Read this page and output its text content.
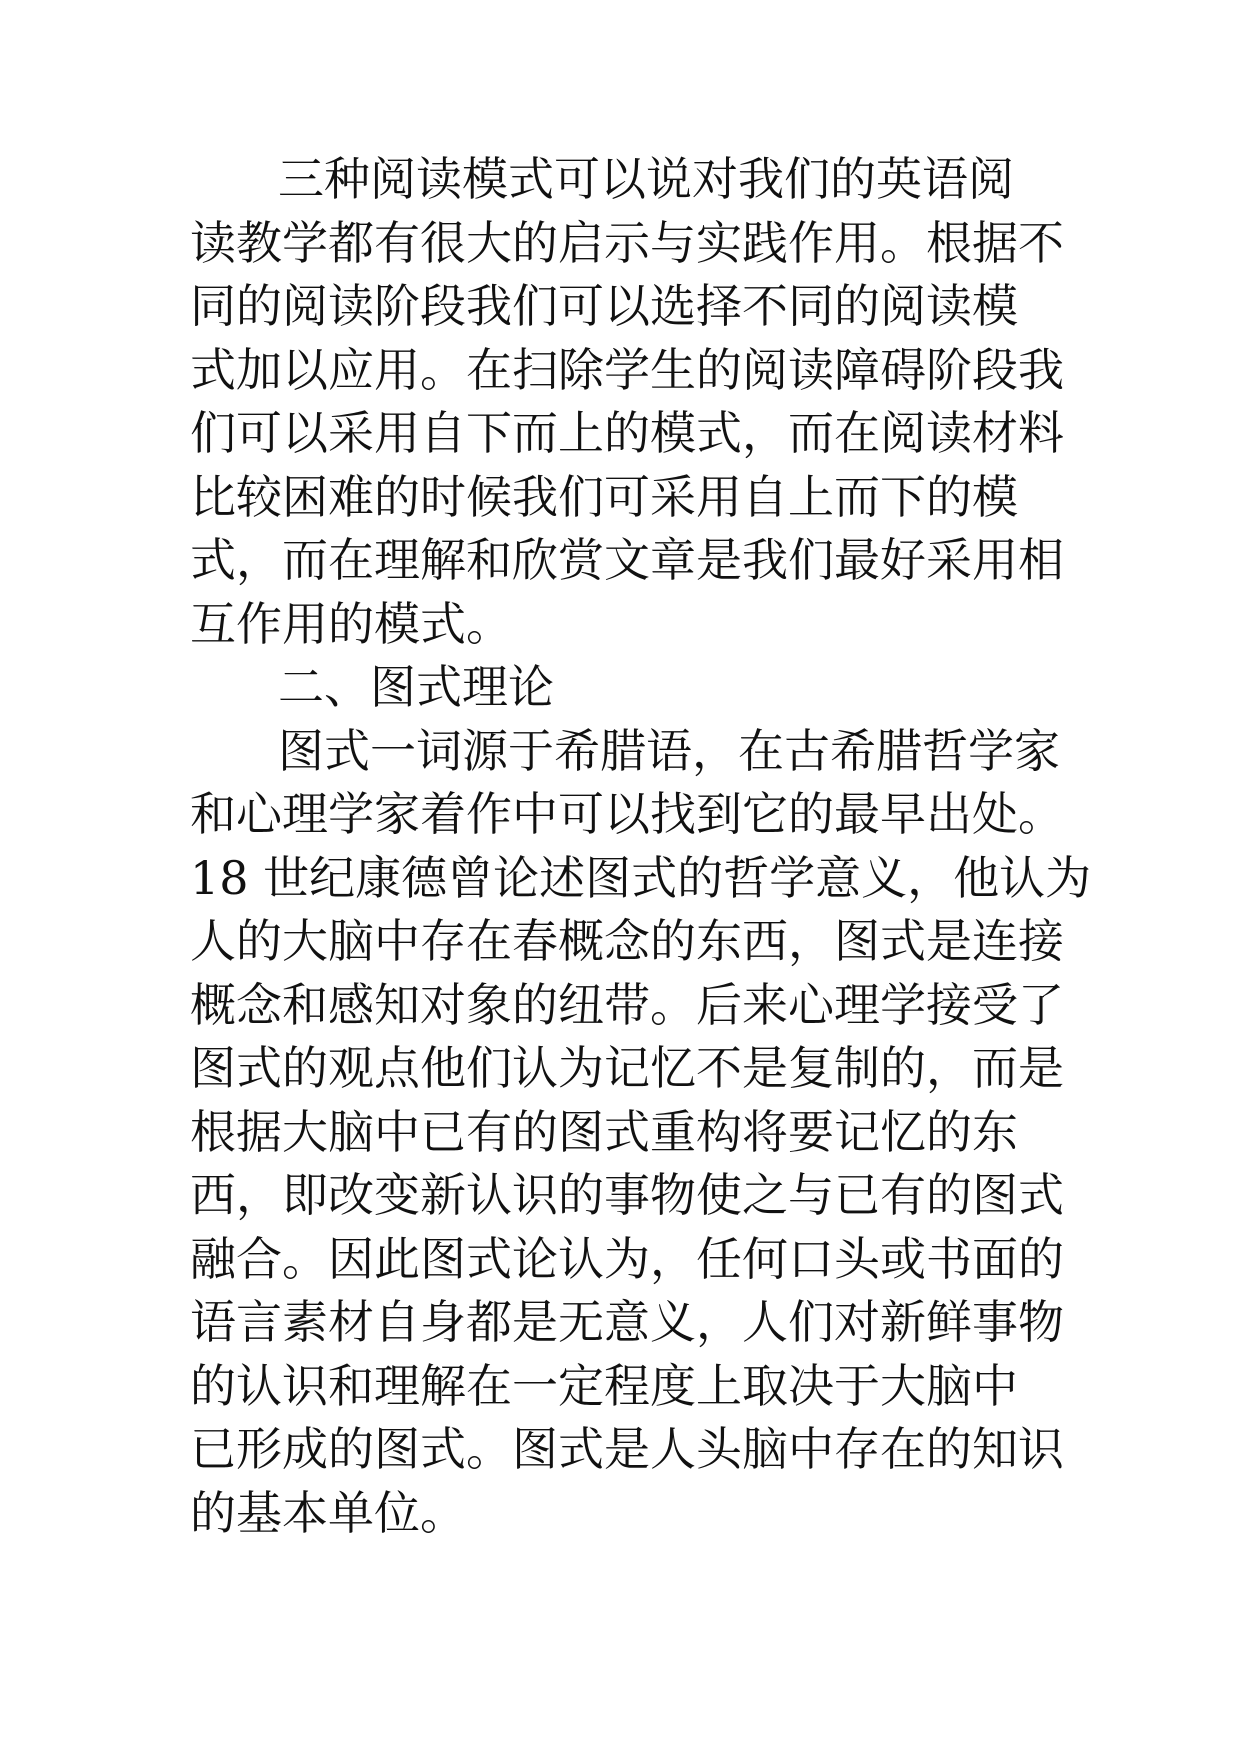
三种阅读模式可以说对我们的英语阅
读教学都有很大的启示与实践作用。根据不
同的阅读阶段我们可以选择不同的阅读模
式加以应用。在扫除学生的阅读障碍阶段我
们可以采用自下而上的模式，而在阅读材料
比较困难的时候我们可采用自上而下的模
式，而在理解和欣赏文章是我们最好采用相
互作用的模式。
二、图式理论
图式一词源于希腊语，在古希腊哲学家
和心理学家着作中可以找到它的最早出处。
18 世纪康德曾论述图式的哲学意义，他认为
人的大脑中存在春概念的东西，图式是连接
概念和感知对象的纽带。后来心理学接受了
图式的观点他们认为记忆不是复制的，而是
根据大脑中已有的图式重构将要记忆的东
西，即改变新认识的事物使之与已有的图式
融合。因此图式论认为，任何口头或书面的
语言素材自身都是无意义，人们对新鲜事物
的认识和理解在一定程度上取决于大脑中
已形成的图式。图式是人头脑中存在的知识
的基本单位。
